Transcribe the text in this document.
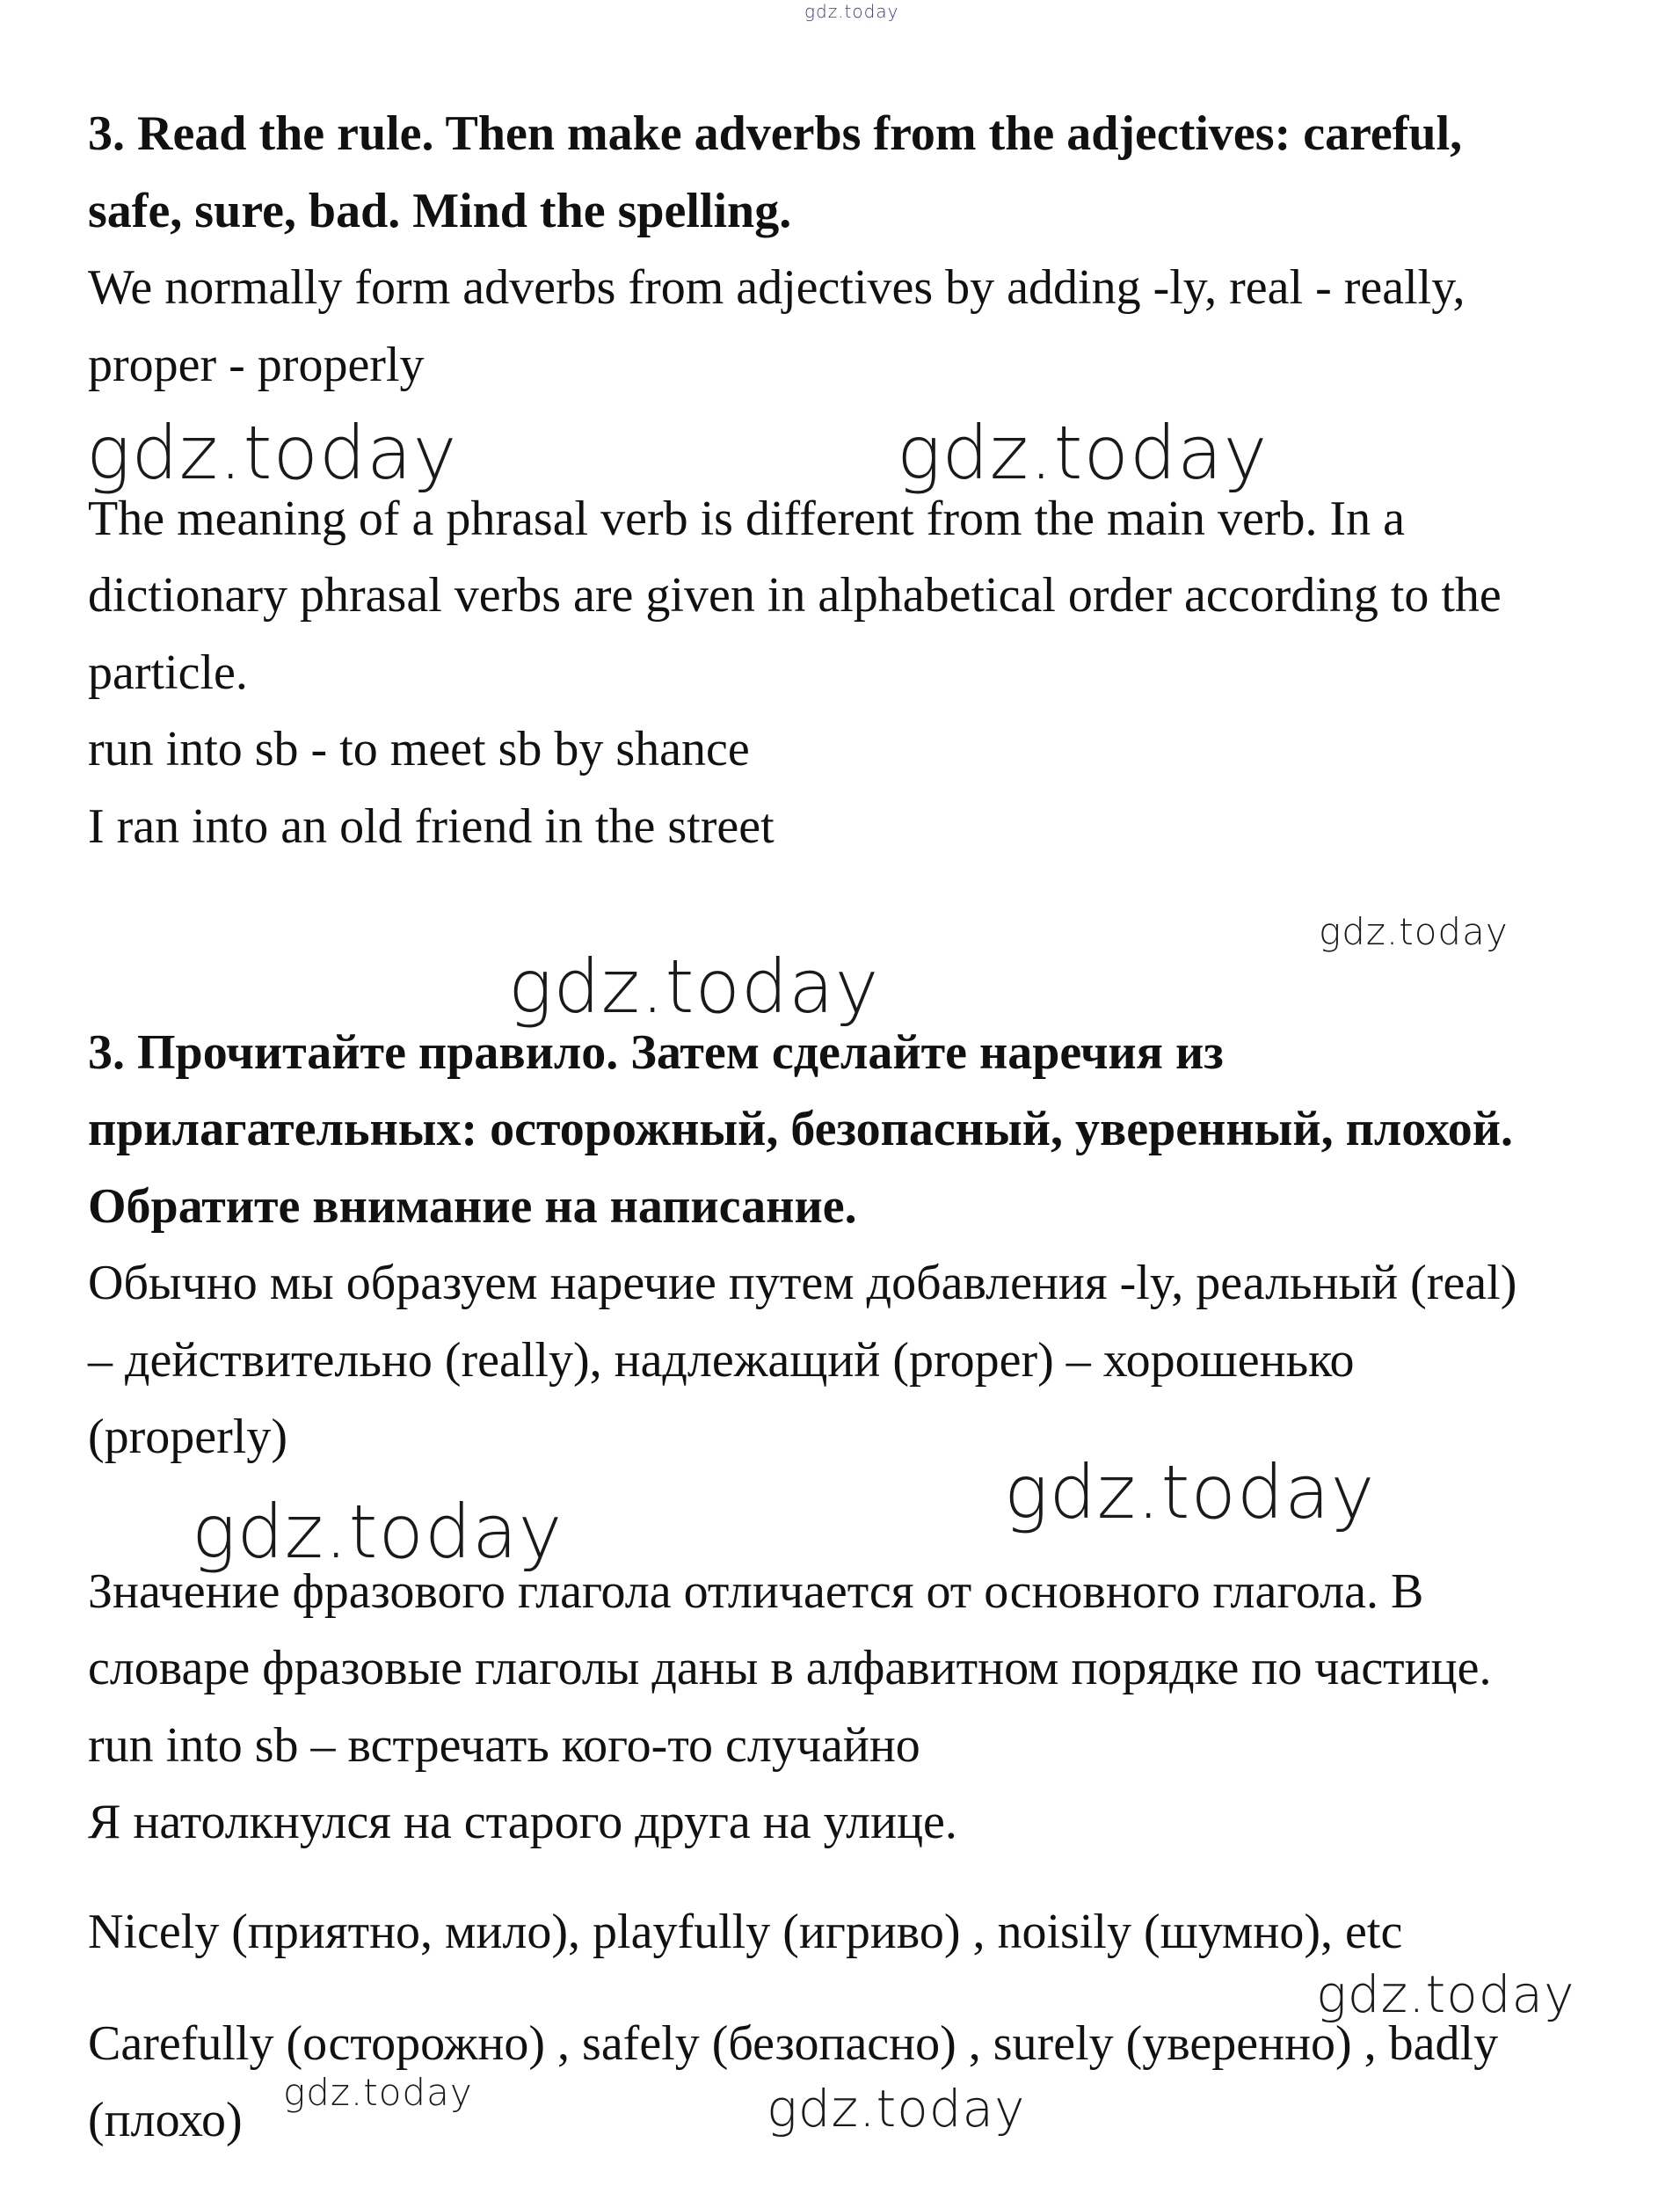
gdz.today

3. Read the rule. Then make adverbs from the adjectives: careful,

safe, sure, bad. Mind the spelling.

We normally form adverbs from adjectives by adding -ly, real - really,

proper - properly

gdz.today	gdz.today

The meaning of a phrasal verb is different from the main verb. In a

dictionary phrasal verbs are given in alphabetical order according to the

particle.

run into sb - to meet sb by shance

I ran into an old friend in the street

gdz.today
gdz.today

3. Прочитайте правило. Затем сделайте наречия из

прилагательных: осторожный, безопасный, уверенный, плохой.

Обратите внимание на написание.

Обычно мы образуем наречие путем добавления -ly, реальный (real)

– действительно (really), надлежащий (proper) – хорошенько

(properly)

gdz.today
gdz.today

Значение фразового глагола отличается от основного глагола. В

словаре фразовые глаголы даны в алфавитном порядке по частице.

run into sb – встречать кого-то случайно

Я натолкнулся на старого друга на улице.

Nicely (приятно, мило), playfully (игриво) , noisily (шумно), etc

gdz.today

Carefully (осторожно) , safely (безопасно) , surely (уверенно) , badly

(плохо)

gdz.today	gdz.today
